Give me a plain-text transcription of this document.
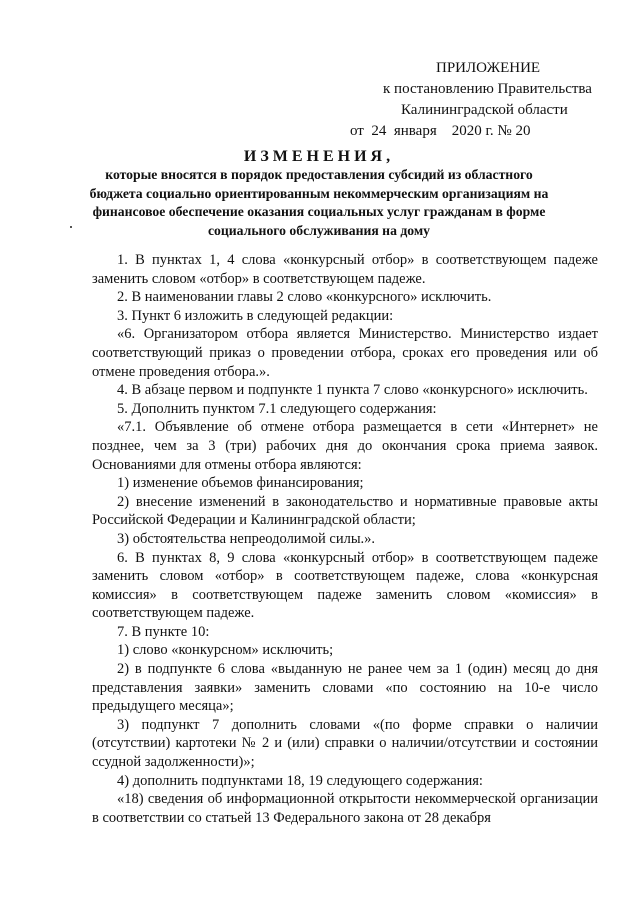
ПРИЛОЖЕНИЕ
к постановлению Правительства
Калининградской области
от  24  января    2020 г. № 20
ИЗМЕНЕНИЯ,
которые вносятся в порядок предоставления субсидий из областного бюджета социально ориентированным некоммерческим организациям на финансовое обеспечение оказания социальных услуг гражданам в форме социального обслуживания на дому

1. В пунктах 1, 4 слова «конкурсный отбор» в соответствующем падеже заменить словом «отбор» в соответствующем падеже.

2. В наименовании главы 2 слово «конкурсного» исключить.

3. Пункт 6 изложить в следующей редакции:

«6. Организатором отбора является Министерство. Министерство издает соответствующий приказ о проведении отбора, сроках его проведения или об отмене проведения отбора.».

4. В абзаце первом и подпункте 1 пункта 7 слово «конкурсного» исключить.

5. Дополнить пунктом 7.1 следующего содержания:

«7.1. Объявление об отмене отбора размещается в сети «Интернет» не позднее, чем за 3 (три) рабочих дня до окончания срока приема заявок. Основаниями для отмены отбора являются:

1) изменение объемов финансирования;

2) внесение изменений в законодательство и нормативные правовые акты Российской Федерации и Калининградской области;

3) обстоятельства непреодолимой силы.».

6. В пунктах 8, 9 слова «конкурсный отбор» в соответствующем падеже заменить словом «отбор» в соответствующем падеже, слова «конкурсная комиссия» в соответствующем падеже заменить словом «комиссия» в соответствующем падеже.

7. В пункте 10:

1) слово «конкурсном» исключить;

2) в подпункте 6 слова «выданную не ранее чем за 1 (один) месяц до дня представления заявки» заменить словами «по состоянию на 10-е число предыдущего месяца»;

3) подпункт 7 дополнить словами «(по форме справки о наличии (отсутствии) картотеки № 2 и (или) справки о наличии/отсутствии и состоянии ссудной задолженности)»;

4) дополнить подпунктами 18, 19 следующего содержания:

«18) сведения об информационной открытости некоммерческой организации в соответствии со статьей 13 Федерального закона от 28 декабря
